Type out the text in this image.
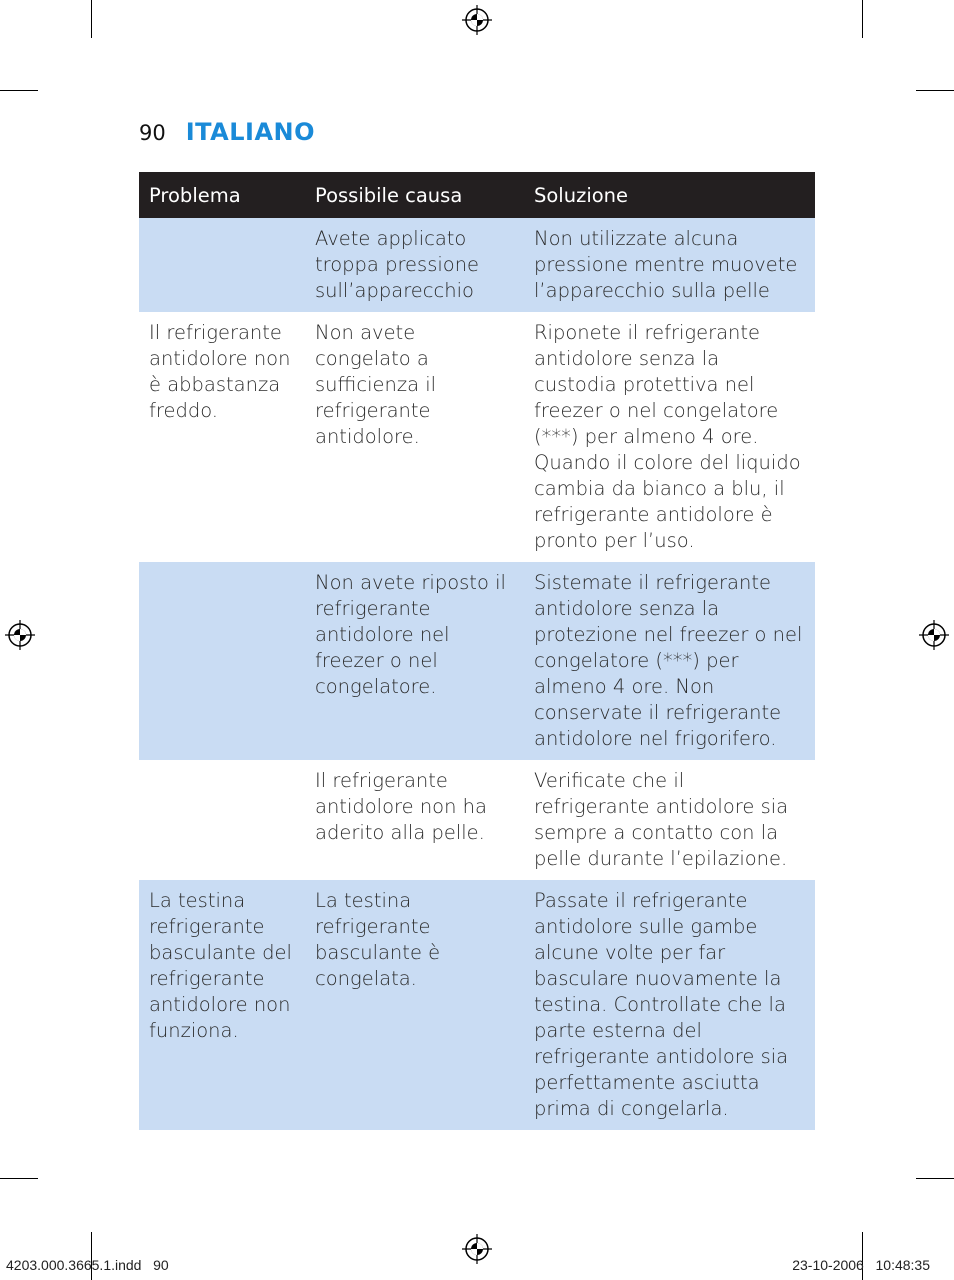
90 ITALIANO
Problema	Possibile causa	Soluzione
	Avete applicato troppa pressione sull’apparecchio	Non utilizzate alcuna pressione mentre muovete l’apparecchio sulla pelle
Il refrigerante antidolore non è abbastanza freddo.	Non avete congelato a sufficienza il refrigerante antidolore.	Riponete il refrigerante antidolore senza la custodia protettiva nel freezer o nel congelatore (***) per almeno 4 ore. Quando il colore del liquido cambia da bianco a blu, il refrigerante antidolore è pronto per l’uso.
	Non avete riposto il refrigerante antidolore nel freezer o nel congelatore.	Sistemate il refrigerante antidolore senza la protezione nel freezer o nel congelatore (***) per almeno 4 ore. Non conservate il refrigerante antidolore nel frigorifero.
	Il refrigerante antidolore non ha aderito alla pelle.	Verificate che il refrigerante antidolore sia sempre a contatto con la pelle durante l’epilazione.
La testina refrigerante basculante del refrigerante antidolore non funziona.	La testina refrigerante basculante è congelata.	Passate il refrigerante antidolore sulle gambe alcune volte per far basculare nuovamente la testina. Controllate che la parte esterna del refrigerante antidolore sia perfettamente asciutta prima di congelarla.
4203.000.3665.1.indd   90	23-10-2006   10:48:35
